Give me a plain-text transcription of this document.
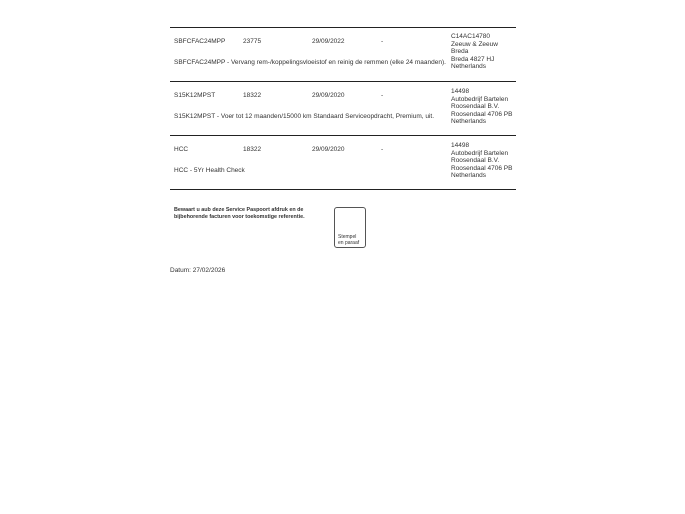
SBFCFAC24MPP	23775	29/09/2022	-
C14AC14780
Zeeuw & Zeeuw
Breda
Breda 4827 HJ
Netherlands
SBFCFAC24MPP - Vervang rem-/koppelingsvloeistof en reinig de remmen (elke 24 maanden).
S15K12MPST	18322	29/09/2020	-
14498
Autobedrijf Bartelen
Roosendaal B.V.
Roosendaal 4706 PB
Netherlands
S15K12MPST - Voer tot 12 maanden/15000 km Standaard Serviceopdracht, Premium, uit.
HCC	18322	29/09/2020	-
14498
Autobedrijf Bartelen
Roosendaal B.V.
Roosendaal 4706 PB
Netherlands
HCC - 5Yr Health Check
Bewaart u aub deze Service Paspoort afdruk en de
bijbehorende facturen voor toekomstige referentie.
Stempel
en paraaf
Datum: 27/02/2026
